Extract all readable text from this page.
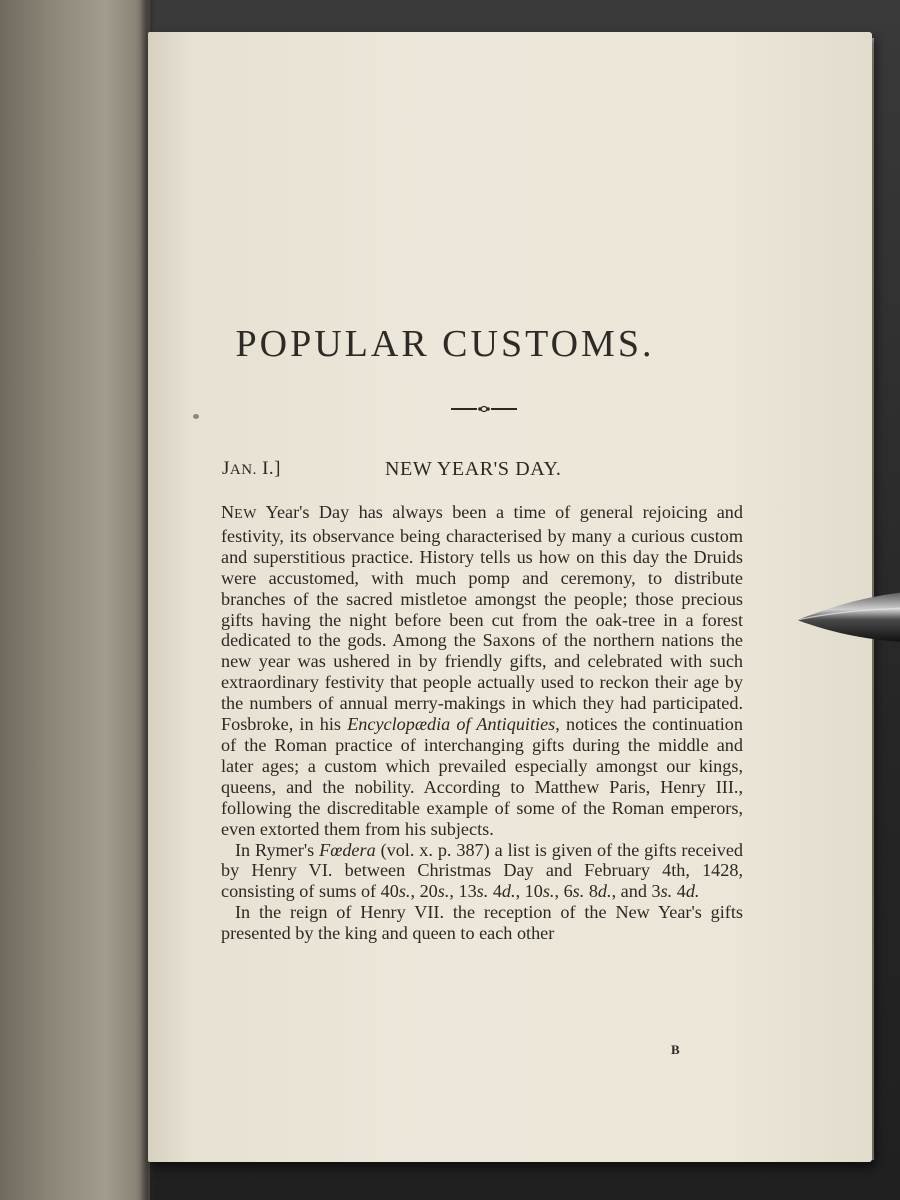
POPULAR CUSTOMS.
JAN. I.]	NEW YEAR'S DAY.

NEW Year's Day has always been a time of general rejoicing and festivity, its observance being characterised by many a curious custom and superstitious practice. History tells us how on this day the Druids were accustomed, with much pomp and ceremony, to distribute branches of the sacred mistletoe amongst the people; those precious gifts having the night before been cut from the oak-tree in a forest dedicated to the gods. Among the Saxons of the northern nations the new year was ushered in by friendly gifts, and celebrated with such extraordinary festivity that people actually used to reckon their age by the numbers of annual merry-makings in which they had participated. Fosbroke, in his Encyclopædia of Antiquities, notices the continuation of the Roman practice of interchanging gifts during the middle and later ages; a custom which prevailed especially amongst our kings, queens, and the nobility. According to Matthew Paris, Henry III., following the discreditable example of some of the Roman emperors, even extorted them from his subjects.

In Rymer's Fœdera (vol. x. p. 387) a list is given of the gifts received by Henry VI. between Christmas Day and February 4th, 1428, consisting of sums of 40s., 20s., 13s. 4d., 10s., 6s. 8d., and 3s. 4d.

In the reign of Henry VII. the reception of the New Year's gifts presented by the king and queen to each other

B
